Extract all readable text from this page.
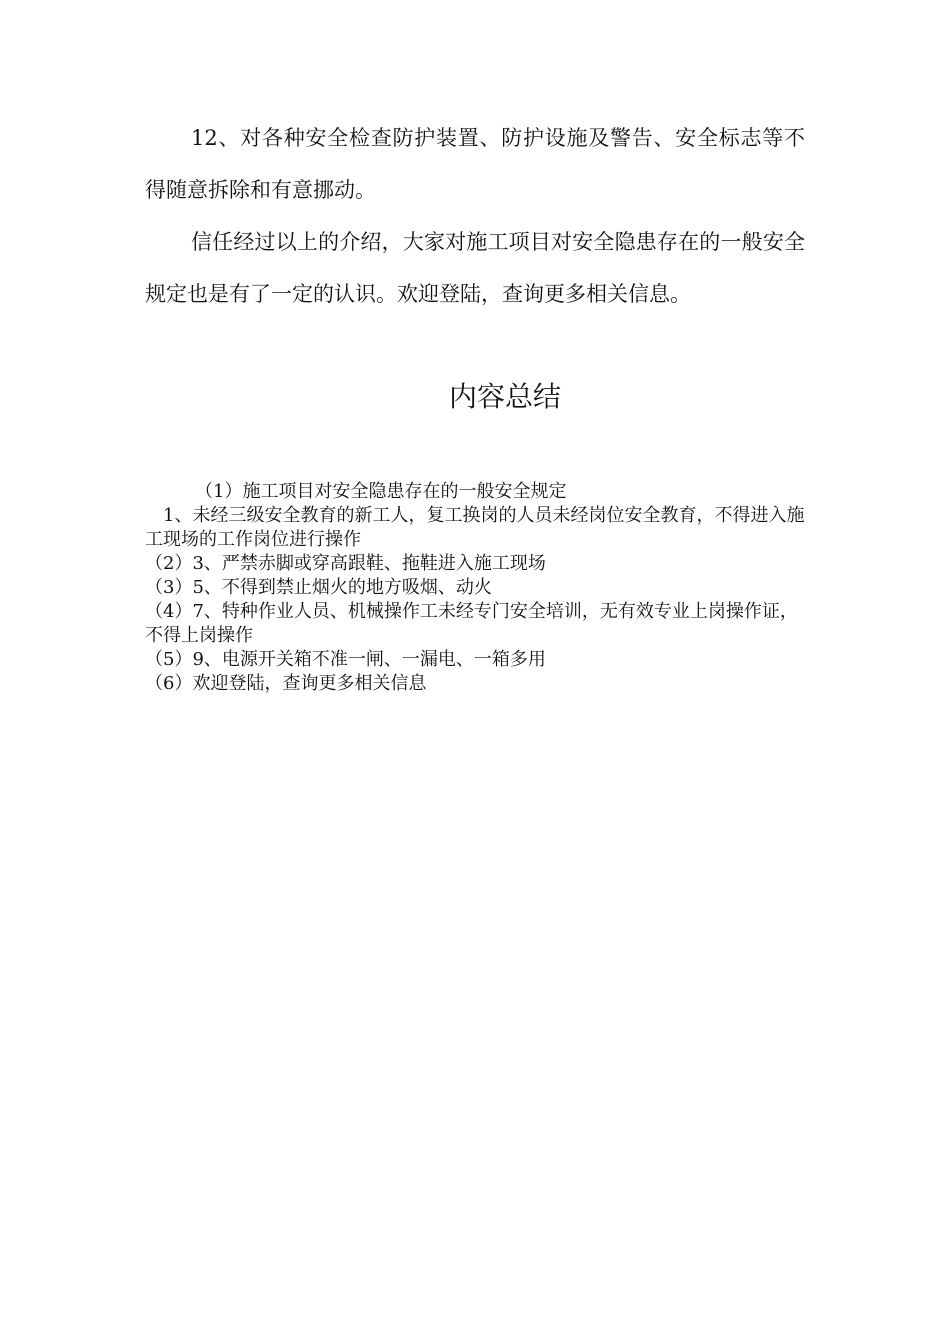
12、对各种安全检查防护装置、防护设施及警告、安全标志等不得随意拆除和有意挪动。

信任经过以上的介绍，大家对施工项目对安全隐患存在的一般安全规定也是有了一定的认识。欢迎登陆，查询更多相关信息。

内容总结
（1）施工项目对安全隐患存在的一般安全规定
1、未经三级安全教育的新工人，复工换岗的人员未经岗位安全教育，不得进入施工现场的工作岗位进行操作
（2）3、严禁赤脚或穿高跟鞋、拖鞋进入施工现场
（3）5、不得到禁止烟火的地方吸烟、动火
（4）7、特种作业人员、机械操作工未经专门安全培训，无有效专业上岗操作证，不得上岗操作
（5）9、电源开关箱不准一闸、一漏电、一箱多用
（6）欢迎登陆，查询更多相关信息
